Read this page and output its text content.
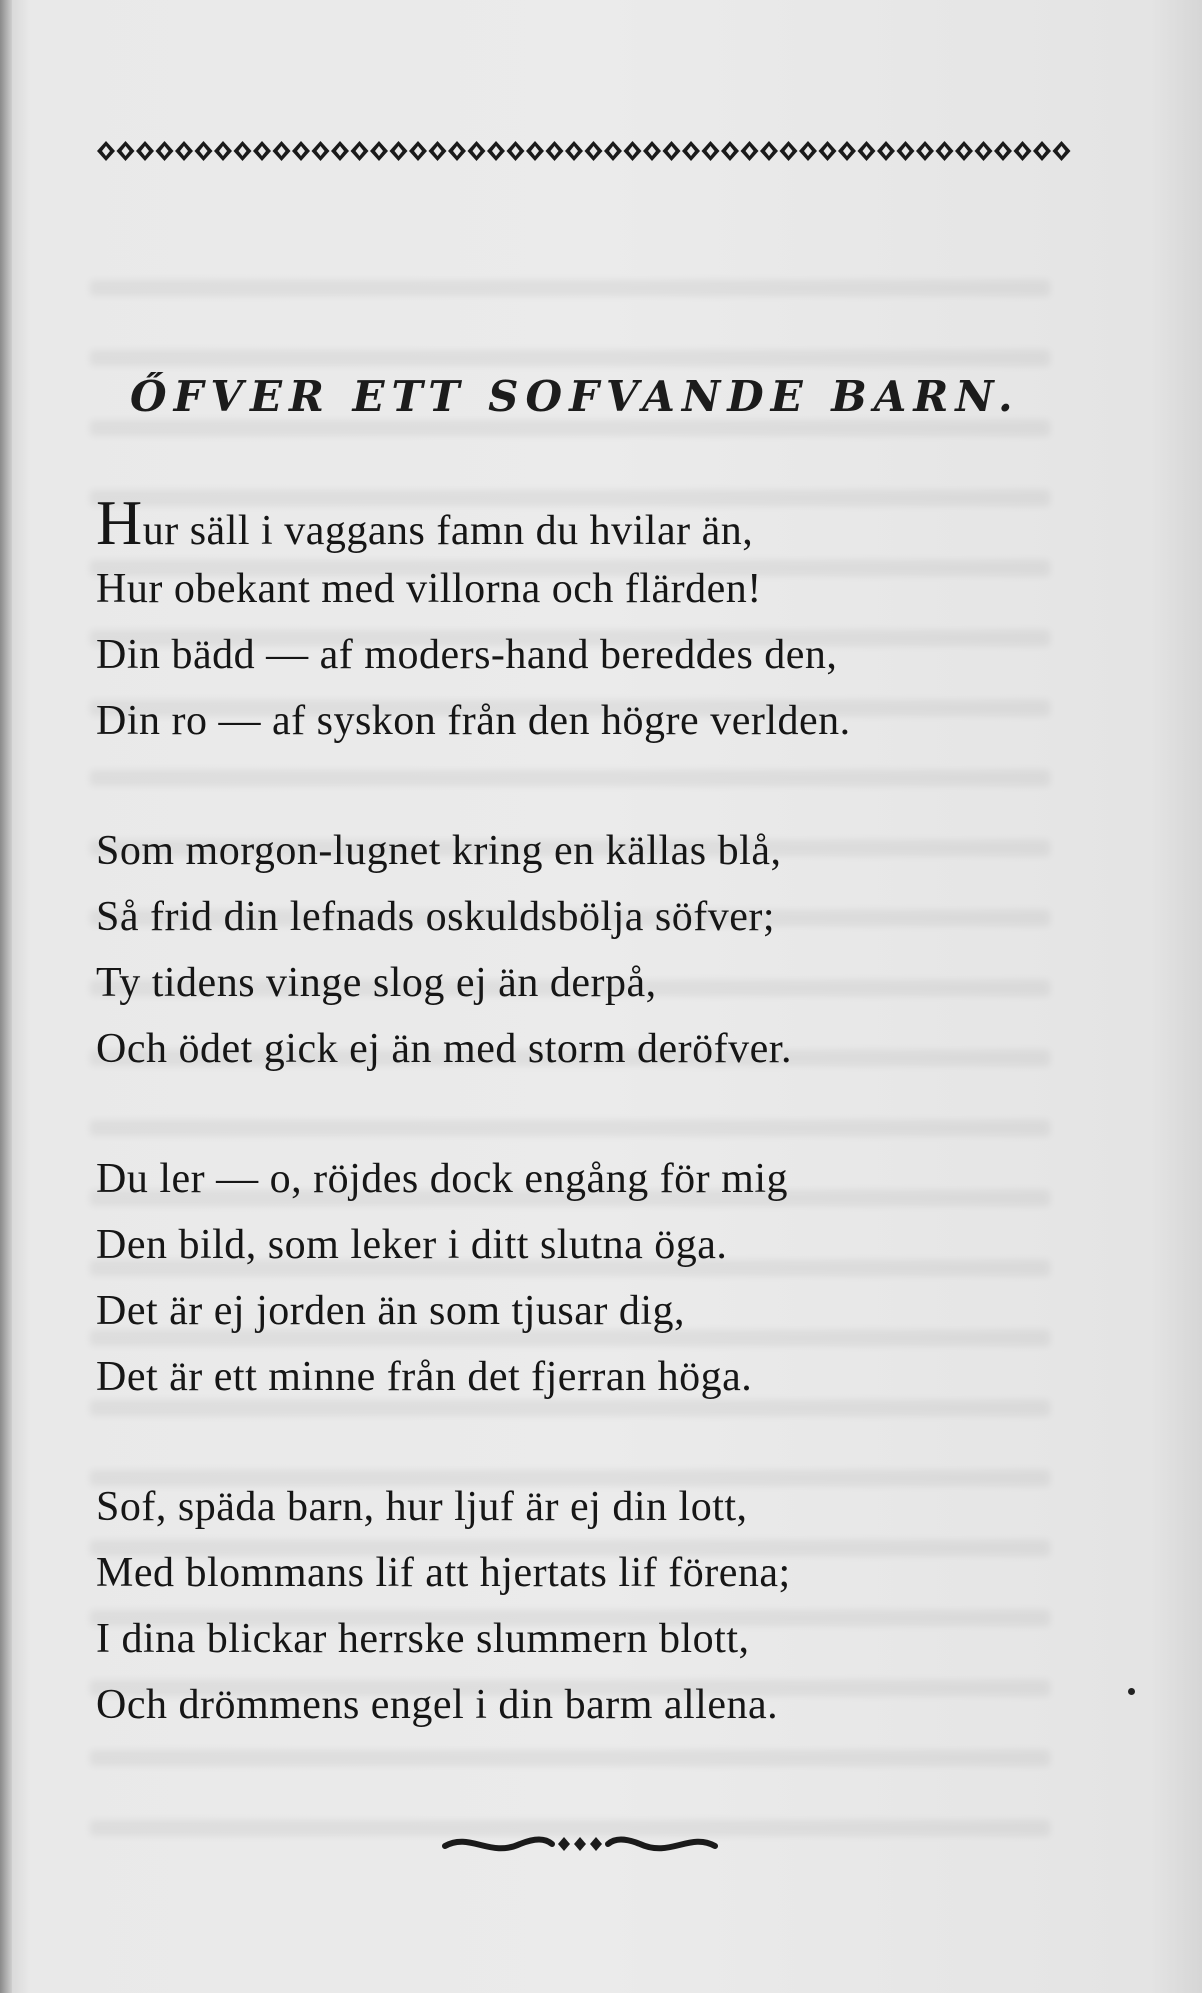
ŐFVER ETT SOFVANDE BARN.
Hur säll i vaggans famn du hvilar än,
Hur obekant med villorna och flärden!
Din bädd — af moders-hand bereddes den,
Din ro — af syskon från den högre verlden.
Som morgon-lugnet kring en källas blå,
Så frid din lefnads oskuldsbölja söfver;
Ty tidens vinge slog ej än derpå,
Och ödet gick ej än med storm deröfver.
Du ler — o, röjdes dock engång för mig
Den bild, som leker i ditt slutna öga.
Det är ej jorden än som tjusar dig,
Det är ett minne från det fjerran höga.
Sof, späda barn, hur ljuf är ej din lott,
Med blommans lif att hjertats lif förena;
I dina blickar herrske slummern blott,
Och drömmens engel i din barm allena.
